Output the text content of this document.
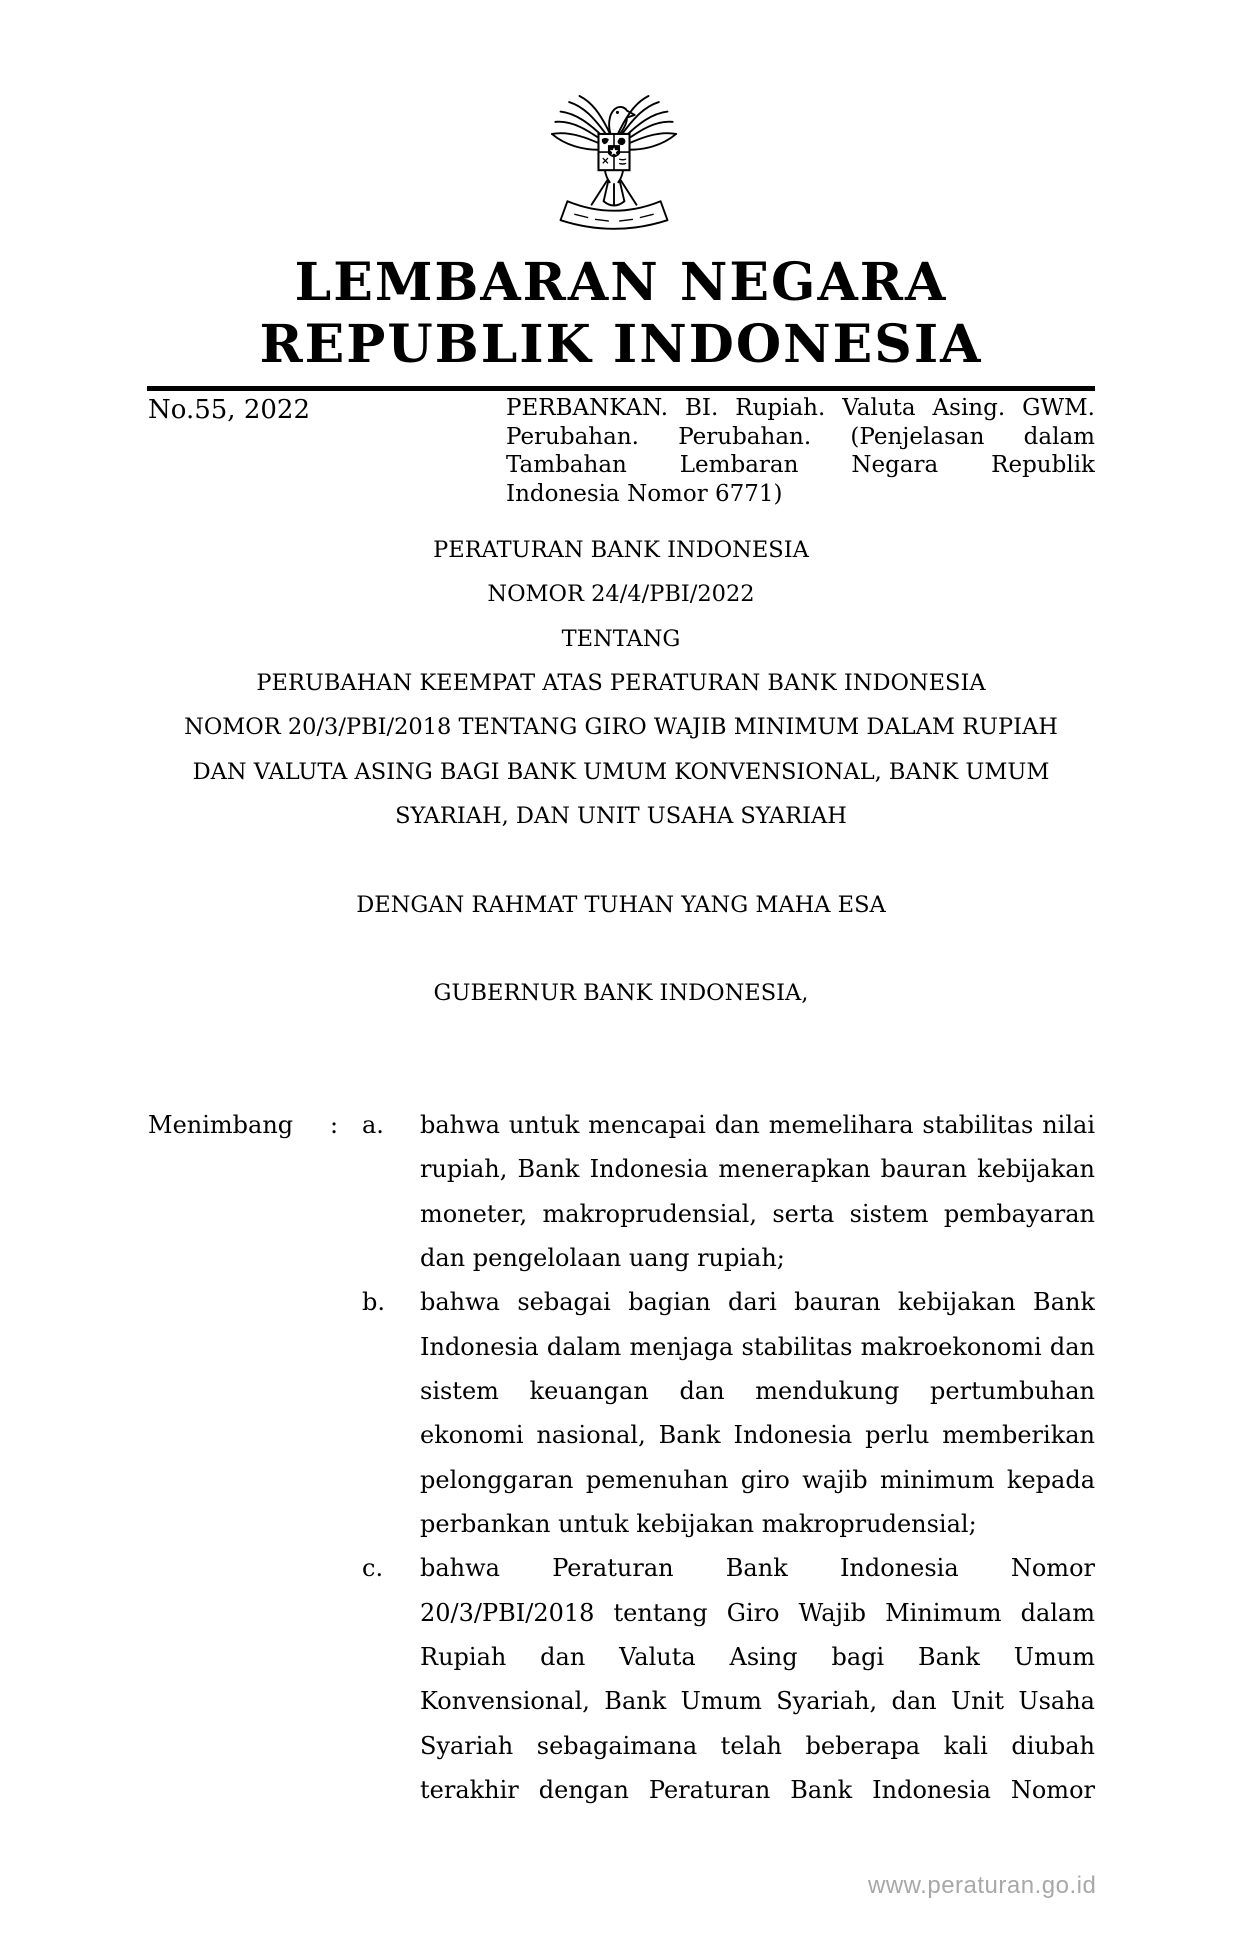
LEMBARAN NEGARA
REPUBLIK INDONESIA
No.55, 2022	PERBANKAN. BI. Rupiah. Valuta Asing. GWM.
Perubahan. Perubahan. (Penjelasan dalam
Tambahan Lembaran Negara Republik
Indonesia Nomor 6771)
PERATURAN BANK INDONESIA
NOMOR 24/4/PBI/2022
TENTANG
PERUBAHAN KEEMPAT ATAS PERATURAN BANK INDONESIA
NOMOR 20/3/PBI/2018 TENTANG GIRO WAJIB MINIMUM DALAM RUPIAH
DAN VALUTA ASING BAGI BANK UMUM KONVENSIONAL, BANK UMUM
SYARIAH, DAN UNIT USAHA SYARIAH
DENGAN RAHMAT TUHAN YANG MAHA ESA
GUBERNUR BANK INDONESIA,
Menimbang : a. bahwa untuk mencapai dan memelihara stabilitas nilai
rupiah, Bank Indonesia menerapkan bauran kebijakan
moneter, makroprudensial, serta sistem pembayaran
dan pengelolaan uang rupiah;
b. bahwa sebagai bagian dari bauran kebijakan Bank
Indonesia dalam menjaga stabilitas makroekonomi dan
sistem keuangan dan mendukung pertumbuhan
ekonomi nasional, Bank Indonesia perlu memberikan
pelonggaran pemenuhan giro wajib minimum kepada
perbankan untuk kebijakan makroprudensial;
c. bahwa Peraturan Bank Indonesia Nomor
20/3/PBI/2018 tentang Giro Wajib Minimum dalam
Rupiah dan Valuta Asing bagi Bank Umum
Konvensional, Bank Umum Syariah, dan Unit Usaha
Syariah sebagaimana telah beberapa kali diubah
terakhir dengan Peraturan Bank Indonesia Nomor
www.peraturan.go.id
